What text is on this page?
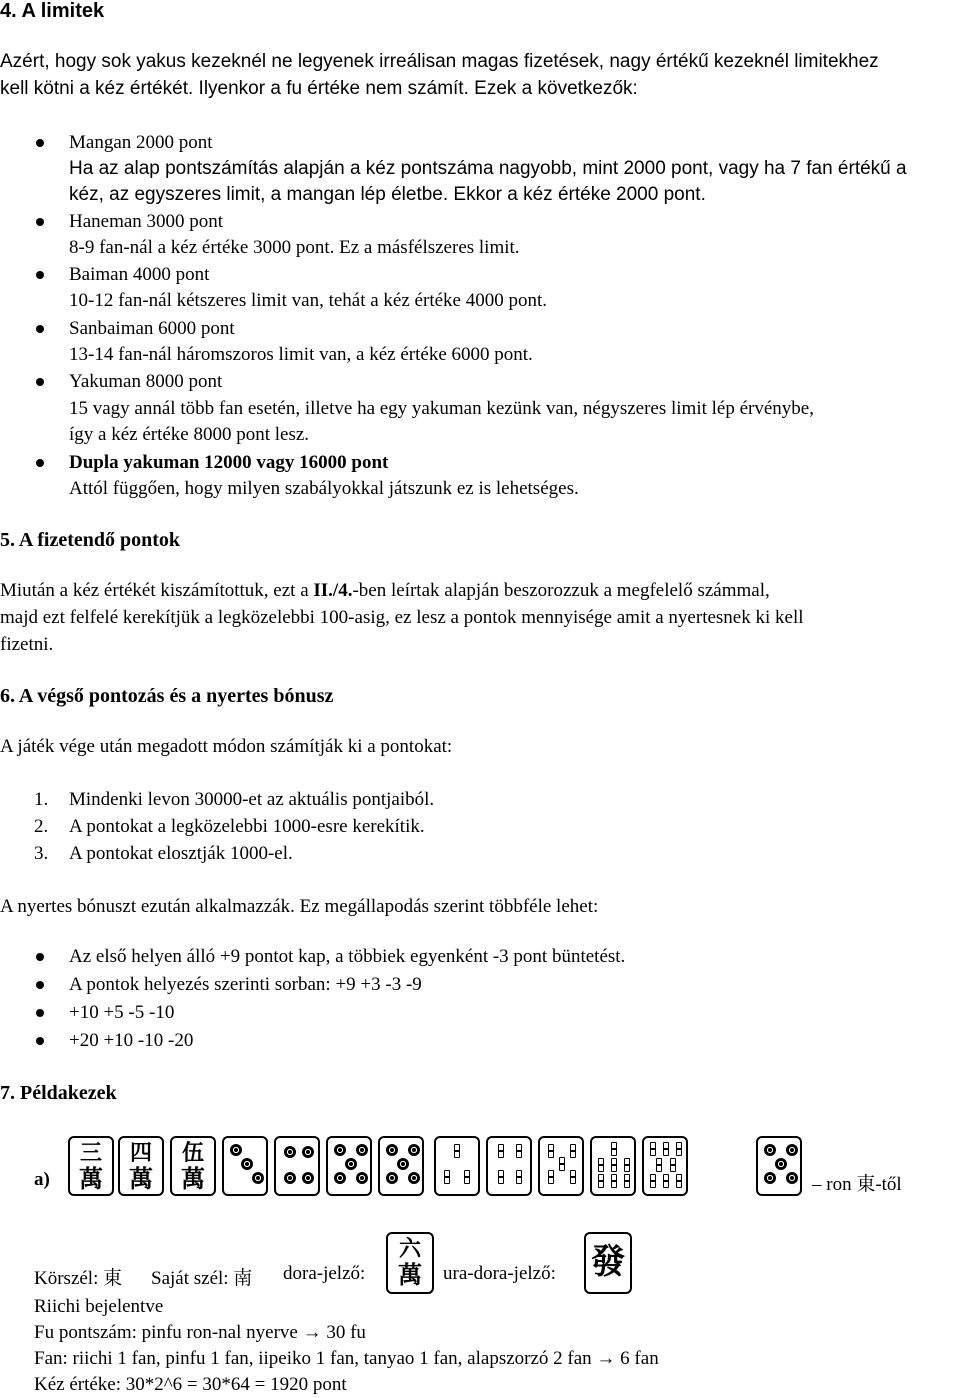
4. A limitek
Azért, hogy sok yakus kezeknél ne legyenek irreálisan magas fizetések, nagy értékű kezeknél limitekhez
kell kötni a kéz értékét. Ilyenkor a fu értéke nem számít. Ezek a következők:
Mangan 2000 pont
Ha az alap pontszámítás alapján a kéz pontszáma nagyobb, mint 2000 pont, vagy ha 7 fan értékű a
kéz, az egyszeres limit, a mangan lép életbe. Ekkor a kéz értéke 2000 pont.
Haneman 3000 pont
8-9 fan-nál a kéz értéke 3000 pont. Ez a másfélszeres limit.
Baiman 4000 pont
10-12 fan-nál kétszeres limit van, tehát a kéz értéke 4000 pont.
Sanbaiman 6000 pont
13-14 fan-nál háromszoros limit van, a kéz értéke 6000 pont.
Yakuman 8000 pont
15 vagy annál több fan esetén, illetve ha egy yakuman kezünk van, négyszeres limit lép érvénybe,
így a kéz értéke 8000 pont lesz.
Dupla yakuman 12000 vagy 16000 pont
Attól függően, hogy milyen szabályokkal játszunk ez is lehetséges.
5. A fizetendő pontok
Miután a kéz értékét kiszámítottuk, ezt a II./4.-ben leírtak alapján beszorozzuk a megfelelő számmal,
majd ezt felfelé kerekítjük a legközelebbi 100-asig, ez lesz a pontok mennyisége amit a nyertesnek ki kell
fizetni.
6. A végső pontozás és a nyertes bónusz
A játék vége után megadott módon számítják ki a pontokat:
1. Mindenki levon 30000-et az aktuális pontjaiból.
2. A pontokat a legközelebbi 1000-esre kerekítik.
3. A pontokat elosztják 1000-el.
A nyertes bónuszt ezután alkalmazzák. Ez megállapodás szerint többféle lehet:
Az első helyen álló +9 pontot kap, a többiek egyenként -3 pont büntetést.
A pontok helyezés szerinti sorban: +9 +3 -3 -9
+10 +5 -5 -10
+20 +10 -10 -20
7. Példakezek
a)
三
萬
四
萬
伍
萬	– ron 東-től
Körszél: 東 Saját szél: 南 dora-jelző:
六
萬	ura-dora-jelző: 發
Riichi bejelentve
Fu pontszám: pinfu ron-nal nyerve → 30 fu
Fan: riichi 1 fan, pinfu 1 fan, iipeiko 1 fan, tanyao 1 fan, alapszorzó 2 fan → 6 fan
Kéz értéke: 30*2^6 = 30*64 = 1920 pont
